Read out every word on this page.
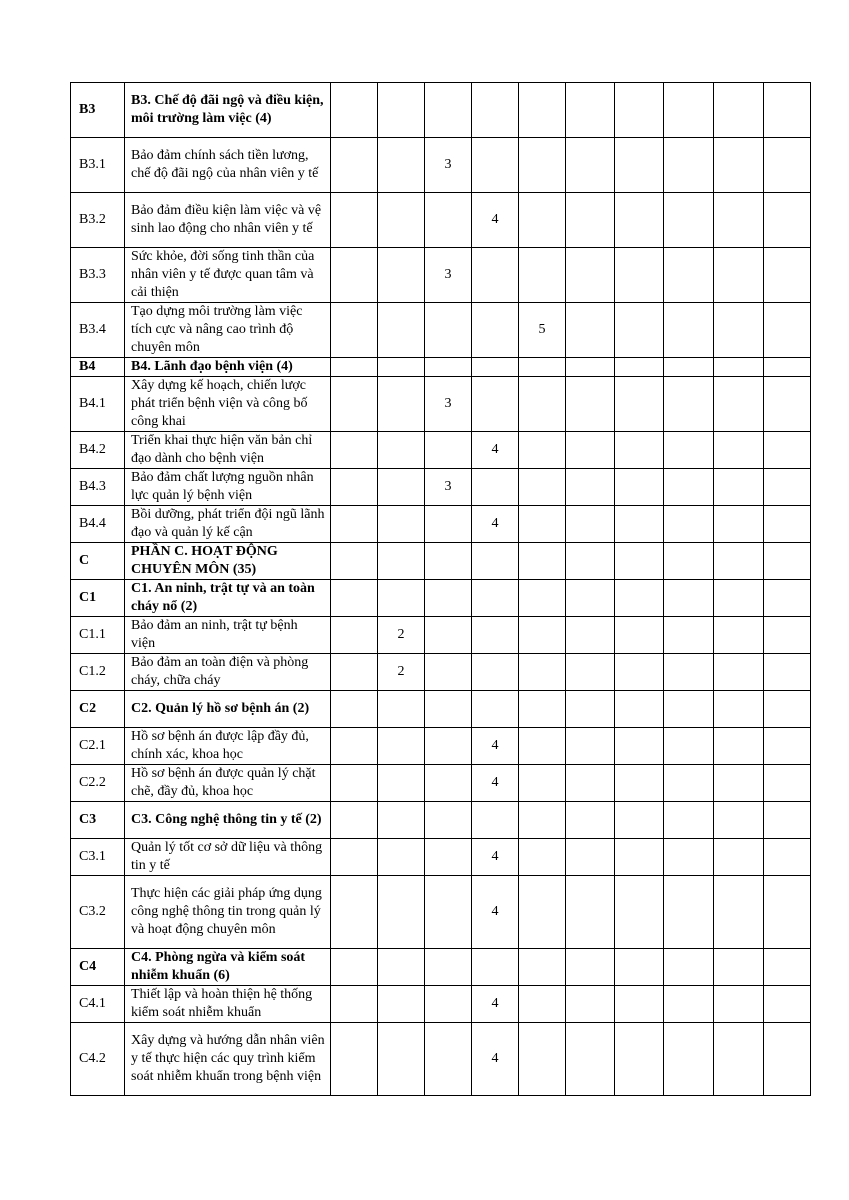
B3	B3. Chế độ đãi ngộ và điều kiện, môi trường làm việc (4)										
B3.1	Bảo đảm chính sách tiền lương, chế độ đãi ngộ của nhân viên y tế			3							
B3.2	Bảo đảm điều kiện làm việc và vệ sinh lao động cho nhân viên y tế				4						
B3.3	Sức khỏe, đời sống tinh thần của nhân viên y tế được quan tâm và cải thiện			3							
B3.4	Tạo dựng môi trường làm việc tích cực và nâng cao trình độ chuyên môn					5					
B4	B4. Lãnh đạo bệnh viện (4)										
B4.1	Xây dựng kế hoạch, chiến lược phát triển bệnh viện và công bố công khai			3							
B4.2	Triển khai thực hiện văn bản chỉ đạo dành cho bệnh viện				4						
B4.3	Bảo đảm chất lượng nguồn nhân lực quản lý bệnh viện			3							
B4.4	Bồi dưỡng, phát triển đội ngũ lãnh đạo và quản lý kế cận				4						
C	PHẦN C. HOẠT ĐỘNG CHUYÊN MÔN (35)										
C1	C1. An ninh, trật tự và an toàn cháy nổ (2)										
C1.1	Bảo đảm an ninh, trật tự bệnh viện		2								
C1.2	Bảo đảm an toàn điện và phòng cháy, chữa cháy		2								
C2	C2. Quản lý hồ sơ bệnh án (2)										
C2.1	Hồ sơ bệnh án được lập đầy đủ, chính xác, khoa học				4						
C2.2	Hồ sơ bệnh án được quản lý chặt chẽ, đầy đủ, khoa học				4						
C3	C3. Công nghệ thông tin y tế (2)										
C3.1	Quản lý tốt cơ sở dữ liệu và thông tin y tế				4						
C3.2	Thực hiện các giải pháp ứng dụng công nghệ thông tin trong quản lý và hoạt động chuyên môn				4						
C4	C4. Phòng ngừa và kiểm soát nhiễm khuẩn (6)										
C4.1	Thiết lập và hoàn thiện hệ thống kiểm soát nhiễm khuẩn				4						
C4.2	Xây dựng và hướng dẫn nhân viên y tế thực hiện các quy trình kiểm soát nhiễm khuẩn trong bệnh viện				4						
